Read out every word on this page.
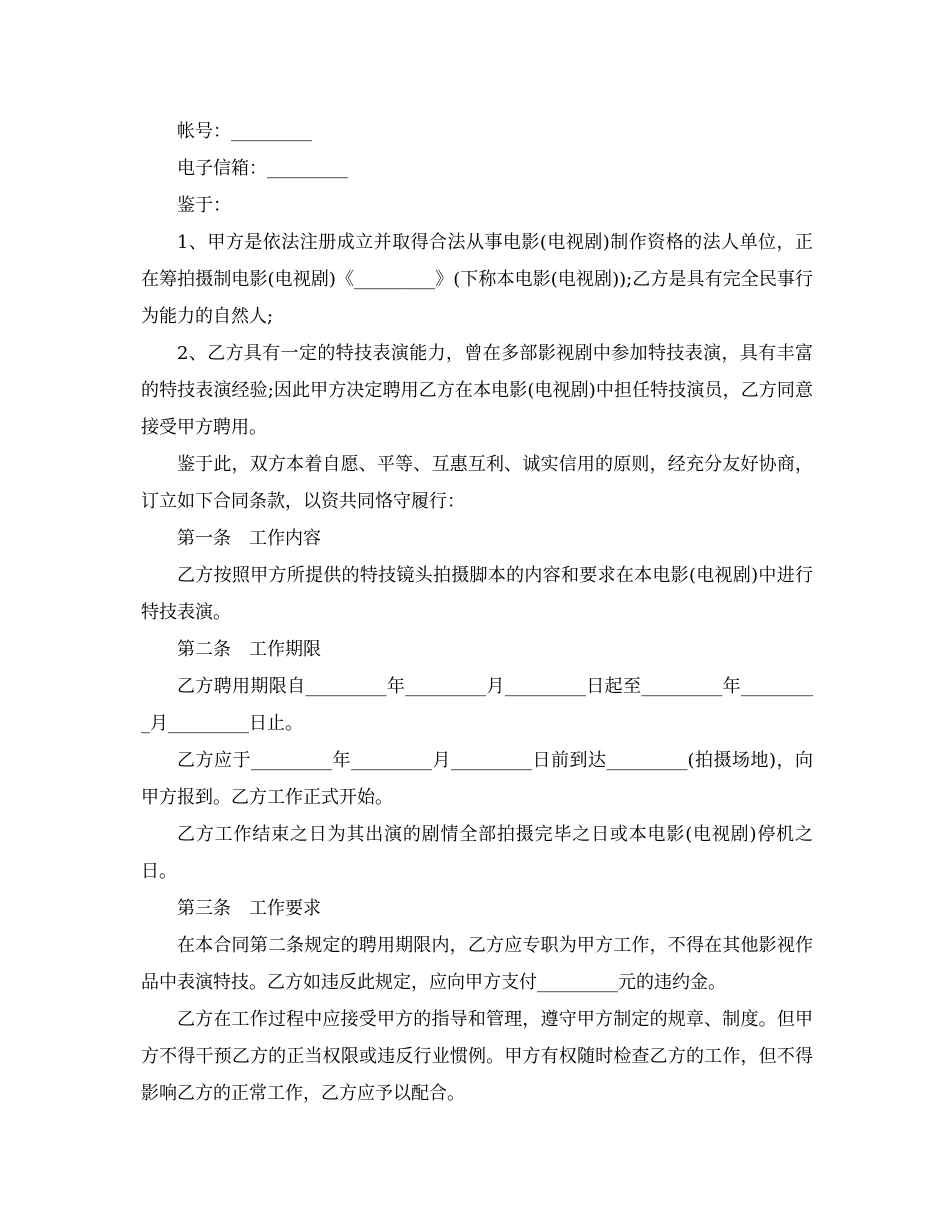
帐号：_________

电子信箱：_________

鉴于：

1、甲方是依法注册成立并取得合法从事电影(电视剧)制作资格的法人单位，正在筹拍摄制电影(电视剧)《_________》(下称本电影(电视剧));乙方是具有完全民事行为能力的自然人;

2、乙方具有一定的特技表演能力，曾在多部影视剧中参加特技表演，具有丰富的特技表演经验;因此甲方决定聘用乙方在本电影(电视剧)中担任特技演员，乙方同意接受甲方聘用。

鉴于此，双方本着自愿、平等、互惠互利、诚实信用的原则，经充分友好协商，订立如下合同条款，以资共同恪守履行：

第一条　工作内容

乙方按照甲方所提供的特技镜头拍摄脚本的内容和要求在本电影(电视剧)中进行特技表演。

第二条　工作期限

乙方聘用期限自_________年_________月_________日起至_________年_________月_________日止。

乙方应于_________年_________月_________日前到达_________(拍摄场地)，向甲方报到。乙方工作正式开始。

乙方工作结束之日为其出演的剧情全部拍摄完毕之日或本电影(电视剧)停机之日。

第三条　工作要求

在本合同第二条规定的聘用期限内，乙方应专职为甲方工作，不得在其他影视作品中表演特技。乙方如违反此规定，应向甲方支付_________元的违约金。

乙方在工作过程中应接受甲方的指导和管理，遵守甲方制定的规章、制度。但甲方不得干预乙方的正当权限或违反行业惯例。甲方有权随时检查乙方的工作，但不得影响乙方的正常工作，乙方应予以配合。
